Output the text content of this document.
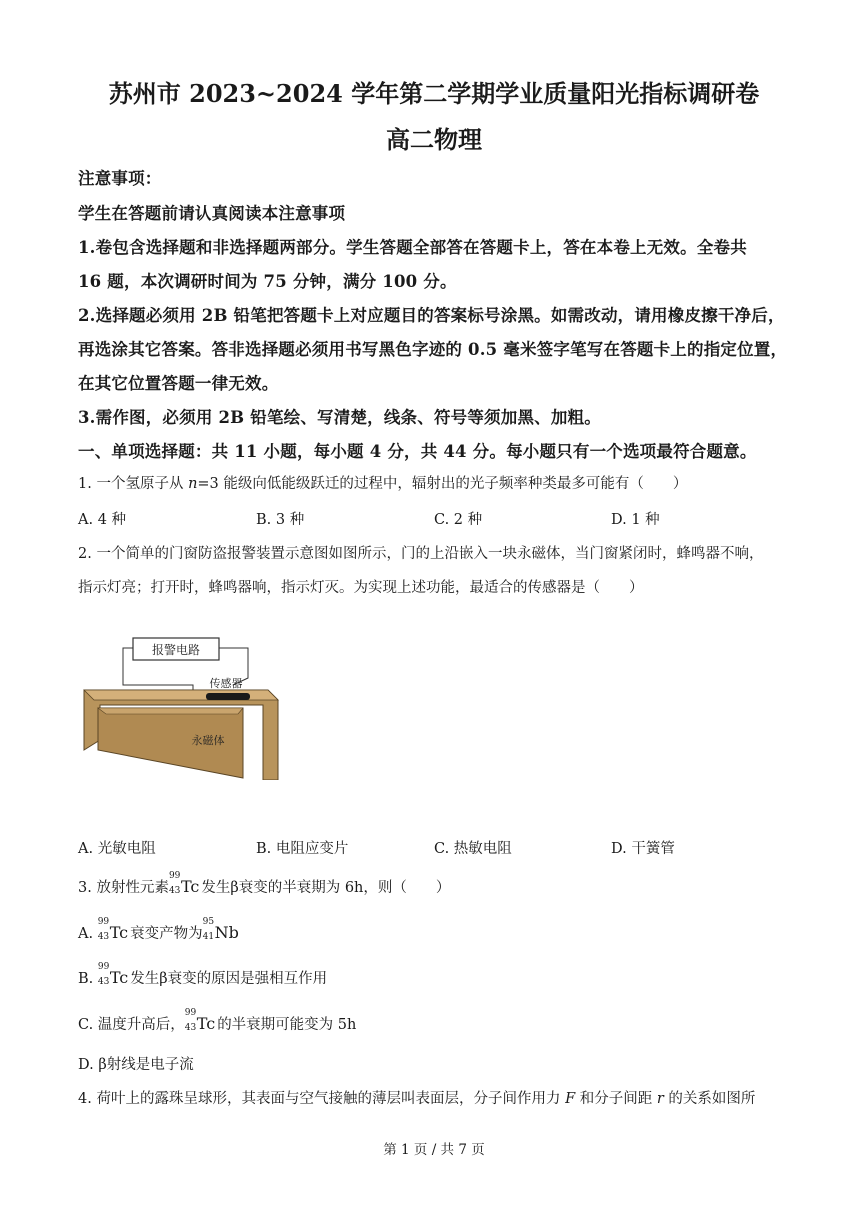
苏州市 2023~2024 学年第二学期学业质量阳光指标调研卷
高二物理
注意事项：
学生在答题前请认真阅读本注意事项
1.卷包含选择题和非选择题两部分。学生答题全部答在答题卡上，答在本卷上无效。全卷共
16 题，本次调研时间为 75 分钟，满分 100 分。
2.选择题必须用 2B 铅笔把答题卡上对应题目的答案标号涂黑。如需改动，请用橡皮擦干净后，
再选涂其它答案。答非选择题必须用书写黑色字迹的 0.5 毫米签字笔写在答题卡上的指定位置，
在其它位置答题一律无效。
3.需作图，必须用 2B 铅笔绘、写清楚，线条、符号等须加黑、加粗。
一、单项选择题：共 11 小题，每小题 4 分，共 44 分。每小题只有一个选项最符合题意。
1. 一个氢原子从 n=3 能级向低能级跃迁的过程中，辐射出的光子频率种类最多可能有（　　）
A. 4 种	B. 3 种	C. 2 种	D. 1 种
2. 一个简单的门窗防盗报警装置示意图如图所示，门的上沿嵌入一块永磁体，当门窗紧闭时，蜂鸣器不响，
指示灯亮；打开时，蜂鸣器响，指示灯灭。为实现上述功能，最适合的传感器是（　　）
报警电路
传感器
永磁体
A. 光敏电阻	B. 电阻应变片	C. 热敏电阻	D. 干簧管
3. 放射性元素
99
43 Tc 发生β衰变的半衰期为 6h，则（　　）
A.
99
43 Tc 衰变产物为
95
41 Nb
B.
99
43 Tc 发生β衰变的原因是强相互作用
C. 温度升高后，
99
43 Tc 的半衰期可能变为 5h
D. β射线是电子流
4. 荷叶上的露珠呈球形，其表面与空气接触的薄层叫表面层，分子间作用力 F 和分子间距 r 的关系如图所
第 1 页 / 共 7 页
